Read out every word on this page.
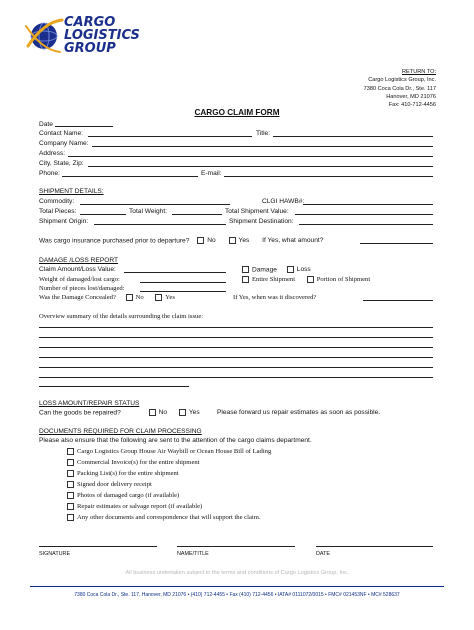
CARGO
LOGISTICS
GROUP
RETURN TO:
Cargo Logistics Group, Inc.
7380 Coca Cola Dr., Ste. 117
Hanover, MD 21076
Fax: 410-712-4456
CARGO CLAIM FORM
Date
Contact Name:	Title:
Company Name:
Address:
City, State, Zip:
Phone:	E-mail:
SHIPMENT DETAILS:
Commodity:	CLGI HAWB#:
Total Pieces:	Total Weight:	Total Shipment Value:
Shipment Origin:	Shipment Destination:
Was cargo insurance purchased prior to departure?	No	Yes If Yes, what amount?
DAMAGE /LOSS REPORT
Claim Amount/Loss Value:	Damage	Loss
Weight of damaged/lost cargo:	Entire Shipment	Portion of Shipment
Number of pieces lost/damaged:
Was the Damage Concealed?	No	Yes	If Yes, when was it discovered?
Overview summary of the details surrounding the claim issue:
LOSS AMOUNT/REPAIR STATUS
Can the goods be repaired?	No	Yes	Please forward us repair estimates as soon as possible.
DOCUMENTS REQUIRED FOR CLAIM PROCESSING
Please also ensure that the following are sent to the attention of the cargo claims department.
Cargo Logistics Group House Air Waybill or Ocean House Bill of Lading
Commercial Invoice(s) for the entire shipment
Packing List(s) for the entire shipment
Signed door delivery receipt
Photos of damaged cargo (if available)
Repair estimates or salvage report (if available)
Any other documents and correspondence that will support the claim.
SIGNATURE	NAME/TITLE	DATE
All business undertaken subject to the terms and conditions of Cargo Logistics Group, Inc.
7380 Coca Cola Dr., Ste. 117, Hanover, MD 21076 • (410) 712-4455 • Fax (410) 712-4456 • IATA# 0111072/0015 • FMC# 021453NF • MC# 528637
